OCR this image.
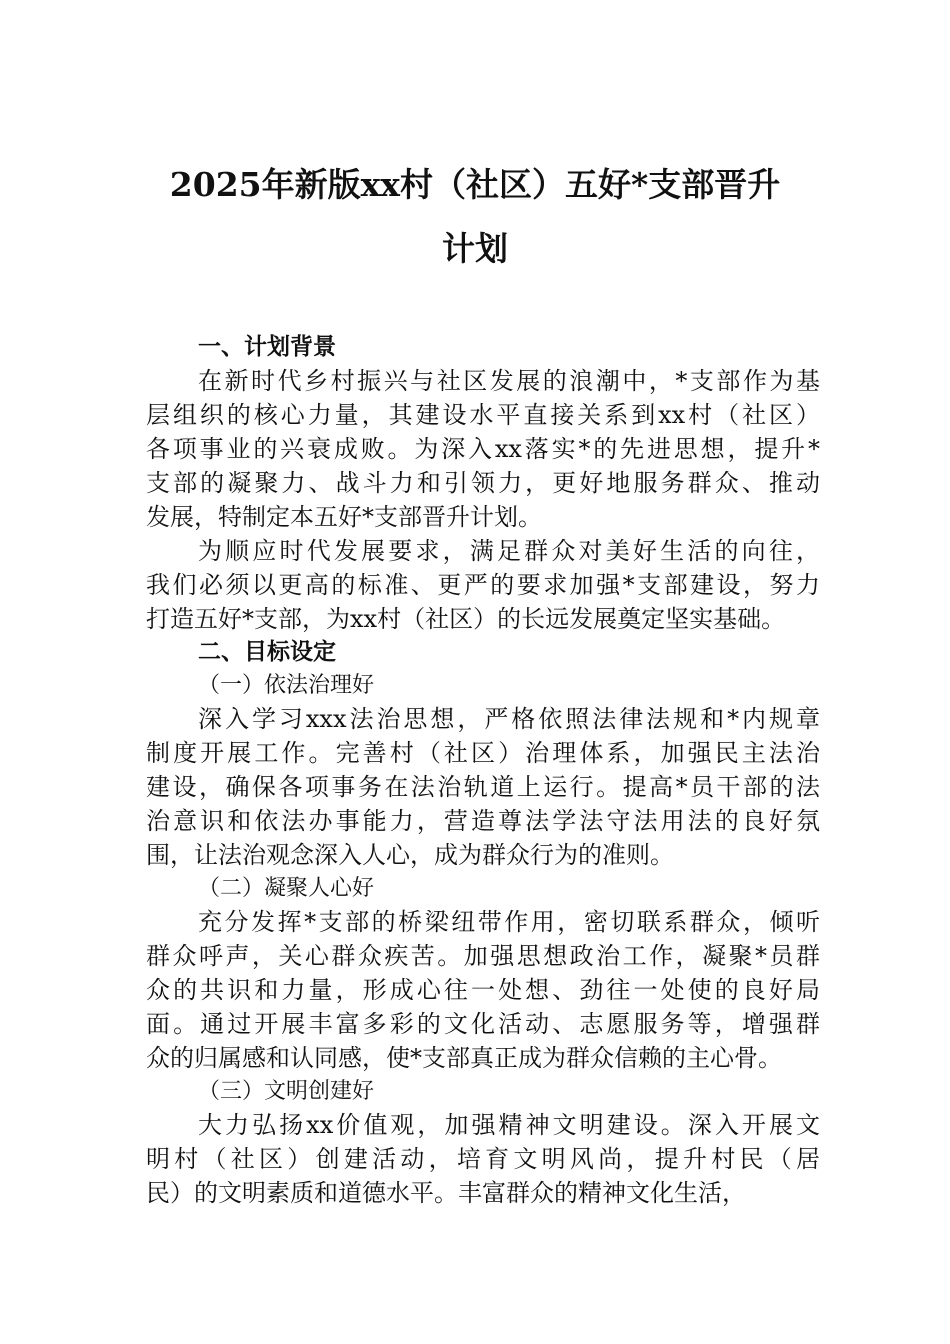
2025年新版xx村（社区）五好*支部晋升
计划
一、计划背景
在新时代乡村振兴与社区发展的浪潮中，*支部作为基
层组织的核心力量，其建设水平直接关系到xx村（社区）
各项事业的兴衰成败。为深入xx落实*的先进思想，提升*
支部的凝聚力、战斗力和引领力，更好地服务群众、推动
发展，特制定本五好*支部晋升计划。
为顺应时代发展要求，满足群众对美好生活的向往，
我们必须以更高的标准、更严的要求加强*支部建设，努力
打造五好*支部，为xx村（社区）的长远发展奠定坚实基础。
二、目标设定
（一）依法治理好
深入学习xxx法治思想，严格依照法律法规和*内规章
制度开展工作。完善村（社区）治理体系，加强民主法治
建设，确保各项事务在法治轨道上运行。提高*员干部的法
治意识和依法办事能力，营造尊法学法守法用法的良好氛
围，让法治观念深入人心，成为群众行为的准则。
（二）凝聚人心好
充分发挥*支部的桥梁纽带作用，密切联系群众，倾听
群众呼声，关心群众疾苦。加强思想政治工作，凝聚*员群
众的共识和力量，形成心往一处想、劲往一处使的良好局
面。通过开展丰富多彩的文化活动、志愿服务等，增强群
众的归属感和认同感，使*支部真正成为群众信赖的主心骨。
（三）文明创建好
大力弘扬xx价值观，加强精神文明建设。深入开展文
明村（社区）创建活动，培育文明风尚，提升村民（居
民）的文明素质和道德水平。丰富群众的精神文化生活，
